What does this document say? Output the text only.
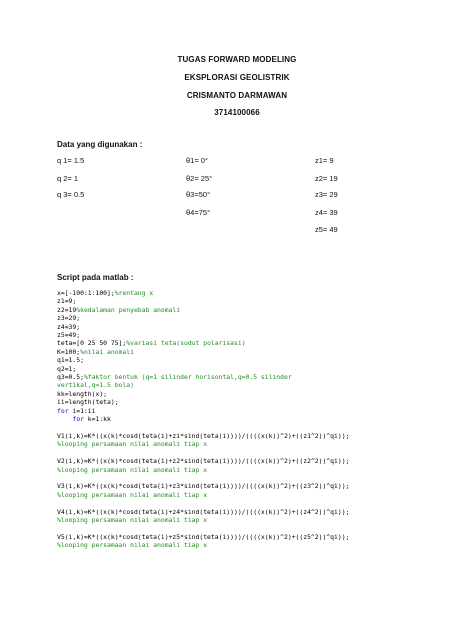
TUGAS FORWARD MODELING
EKSPLORASI GEOLISTRIK
CRISMANTO DARMAWAN
3714100066
Data yang digunakan :
q 1= 1.5
q 2= 1
q 3= 0.5
θ1= 0°
θ2= 25°
θ3=50°
θ4=75°
z1= 9
z2= 19
z3= 29
z4= 39
z5= 49
Script pada matlab :
x=[-100:1:100];%rentang x
z1=9;
z2=19%kedalaman penyebab anomali
z3=29;
z4=39;
z5=49;
teta=[0 25 50 75];%variasi teta(sudut polarisasi)
K=100;%nilai anomali
q1=1.5;
q2=1;
q3=0.5;%faktor bentuk (q=1 silinder horisontal,q=0.5 silinder
vertikal,q=1.5 bola)
kk=length(x);
ii=length(teta);
for i=1:ii
for k=1:kk

V1(i,k)=K*((x(k)*cosd(teta(i)+zi*sind(teta(i))))/((((x(k))^2)+((z1^2))^qi));
%looping persamaan nilai anomali tiap x

V2(i,k)=K*((x(k)*cosd(teta(i)+z2*sind(teta(i))))/((((x(k))^2)+((z2^2))^qi));
%looping persamaan nilai anomali tiap x

V3(i,k)=K*((x(k)*cosd(teta(i)+z3*sind(teta(i))))/((((x(k))^2)+((z3^2))^qi));
%looping persamaan nilai anomali tiap x

V4(i,k)=K*((x(k)*cosd(teta(i)+z4*sind(teta(i))))/((((x(k))^2)+((z4^2))^qi));
%looping persamaan nilai anomali tiap x

V5(i,k)=K*((x(k)*cosd(teta(i)+z5*sind(teta(i))))/((((x(k))^2)+((z5^2))^qi));
%looping persamaan nilai anomali tiap x
